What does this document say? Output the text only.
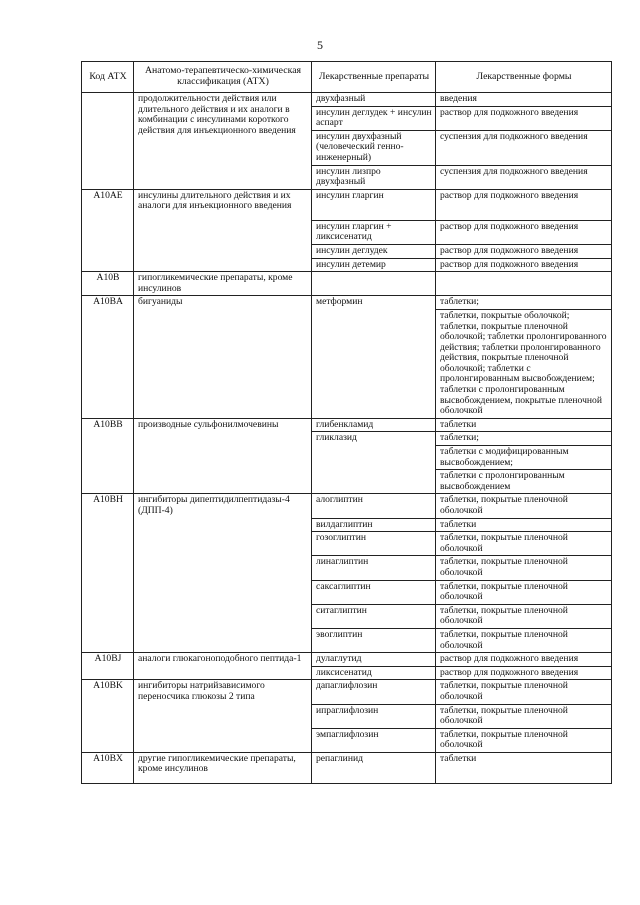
5
Код АТХ	Анатомо-терапевтическо-химическая классификация (АТХ)	Лекарственные препараты	Лекарственные формы
	продолжительности действия или длительного действия и их аналоги в комбинации с инсулинами короткого действия для инъекционного введения	двухфазный	введения
		инсулин деглудек + инсулин аспарт	раствор для подкожного введения
		инсулин двухфазный (человеческий генно-инженерный)	суспензия для подкожного введения
		инсулин лизпро двухфазный	суспензия для подкожного введения
A10AE	инсулины длительного действия и их аналоги для инъекционного введения	инсулин гларгин	раствор для подкожного введения
		инсулин гларгин + ликсисенатид	раствор для подкожного введения
		инсулин деглудек	раствор для подкожного введения
		инсулин детемир	раствор для подкожного введения
A10B	гипогликемические препараты, кроме инсулинов		
A10BA	бигуаниды	метформин	таблетки;
			таблетки, покрытые оболочкой; таблетки, покрытые пленочной оболочкой; таблетки пролонгированного действия; таблетки пролонгированного действия, покрытые пленочной оболочкой; таблетки с пролонгированным высвобождением; таблетки с пролонгированным высвобождением, покрытые пленочной оболочкой
A10BB	производные сульфонилмочевины	глибенкламид	таблетки
		гликлазид	таблетки;
			таблетки с модифицированным высвобождением;
			таблетки с пролонгированным высвобождением
A10BH	ингибиторы дипептидилпептидазы-4 (ДПП-4)	алоглиптин	таблетки, покрытые пленочной оболочкой
		вилдаглиптин	таблетки
		гозоглиптин	таблетки, покрытые пленочной оболочкой
		линаглиптин	таблетки, покрытые пленочной оболочкой
		саксаглиптин	таблетки, покрытые пленочной оболочкой
		ситаглиптин	таблетки, покрытые пленочной оболочкой
		эвоглиптин	таблетки, покрытые пленочной оболочкой
A10BJ	аналоги глюкагоноподобного пептида-1	дулаглутид	раствор для подкожного введения
		ликсисенатид	раствор для подкожного введения
A10BK	ингибиторы натрийзависимого переносчика глюкозы 2 типа	дапаглифлозин	таблетки, покрытые пленочной оболочкой
		ипраглифлозин	таблетки, покрытые пленочной оболочкой
		эмпаглифлозин	таблетки, покрытые пленочной оболочкой
A10BX	другие гипогликемические препараты, кроме инсулинов	репаглинид	таблетки
